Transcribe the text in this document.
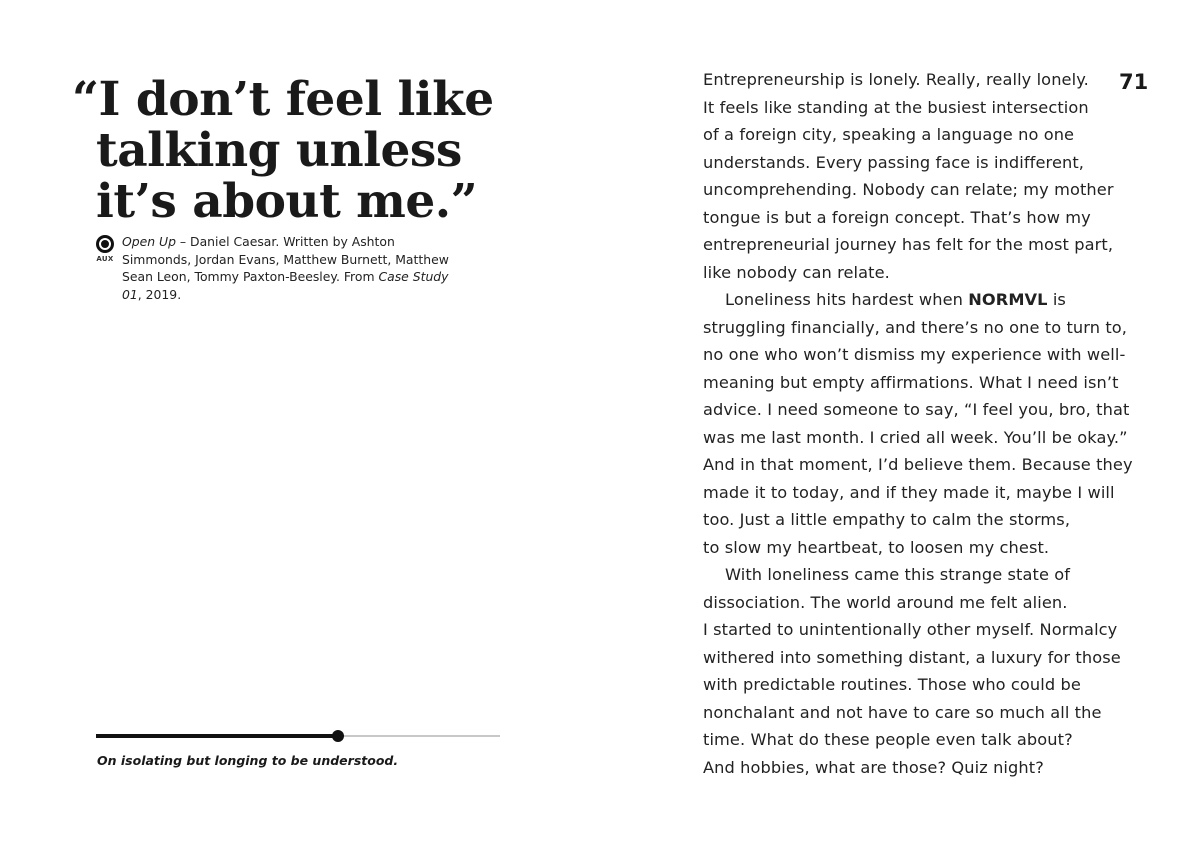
“I don’t feel like
talking unless
it’s about me.”
AUX
Open Up – Daniel Caesar. Written by Ashton Simmonds, Jordan Evans, Matthew Burnett, Matthew Sean Leon, Tommy Paxton-Beesley. From Case Study 01, 2019.
On isolating but longing to be understood.
71
Entrepreneurship is lonely. Really, really lonely.
It feels like standing at the busiest intersection
of a foreign city, speaking a language no one
understands. Every passing face is indifferent,
uncomprehending. Nobody can relate; my mother
tongue is but a foreign concept. That’s how my
entrepreneurial journey has felt for the most part,
like nobody can relate.
Loneliness hits hardest when NORMVL is
struggling financially, and there’s no one to turn to,
no one who won’t dismiss my experience with well-
meaning but empty affirmations. What I need isn’t
advice. I need someone to say, “I feel you, bro, that
was me last month. I cried all week. You’ll be okay.”
And in that moment, I’d believe them. Because they
made it to today, and if they made it, maybe I will
too. Just a little empathy to calm the storms,
to slow my heartbeat, to loosen my chest.
With loneliness came this strange state of
dissociation. The world around me felt alien.
I started to unintentionally other myself. Normalcy
withered into something distant, a luxury for those
with predictable routines. Those who could be
nonchalant and not have to care so much all the
time. What do these people even talk about?
And hobbies, what are those? Quiz night?
